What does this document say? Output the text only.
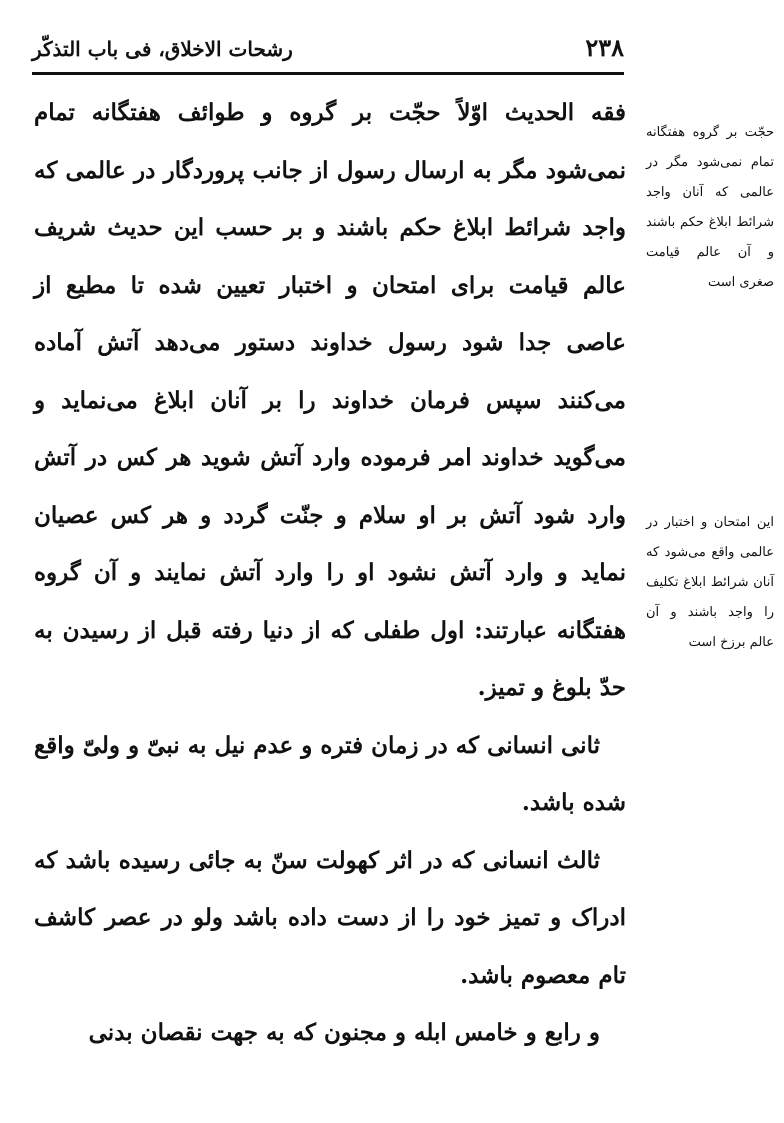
۲۳۸
رشحات الاخلاق، فی باب التذکّر

فقه الحدیث اوّلاً حجّت بر گروه و طوائف هفتگانه تمام نمی‌شود مگر به ارسال رسول از جانب پروردگار در عالمی که واجد شرائط ابلاغ حکم باشند و بر حسب این حدیث شریف عالم قیامت برای امتحان و اختبار تعیین شده تا مطیع از عاصی جدا شود رسول خداوند دستور می‌دهد آتش آماده می‌کنند سپس فرمان خداوند را بر آنان ابلاغ می‌نماید و می‌گوید خداوند امر فرموده وارد آتش شوید هر کس در آتش وارد شود آتش بر او سلام و جنّت گردد و هر کس عصیان نماید و وارد آتش نشود او را وارد آتش نمایند و آن گروه هفتگانه عبارتند: اول طفلی که از دنیا رفته قبل از رسیدن به حدّ بلوغ و تمیز.

ثانی انسانی که در زمان فتره و عدم نیل به نبیّ و ولیّ واقع شده باشد.

ثالث انسانی که در اثر کهولت سنّ به جائی رسیده باشد که ادراک و تمیز خود را از دست داده باشد ولو در عصر کاشف تام معصوم باشد.

و رابع و خامس ابله و مجنون که به جهت نقصان بدنی

حجّت بر گروه هفتگانه تمام نمی‌شود مگر در عالمی که آنان واجد شرائط ابلاغ حکم باشند و آن عالم قیامت صغری است
این امتحان و اختبار در عالمی واقع می‌شود که آنان شرائط ابلاغ تکلیف را واجد باشند و آن عالم برزخ است
